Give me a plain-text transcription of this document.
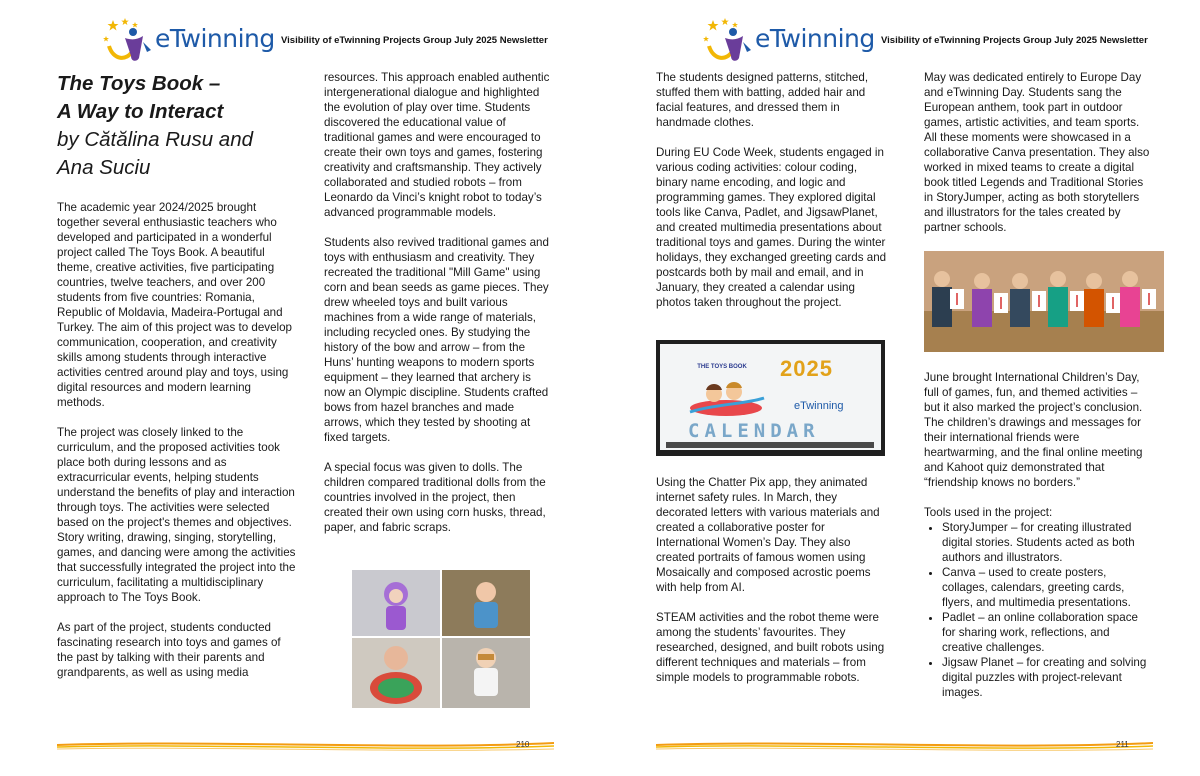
eTwinning Visibility of eTwinning Projects Group July 2025 Newsletter

The Toys Book –

A Way to Interact

by Cătălina Rusu and

Ana Suciu

The academic year 2024/2025 brought together several enthusiastic teachers who developed and participated in a wonderful project called The Toys Book. A beautiful theme, creative activities, five participating countries, twelve teachers, and over 200 students from five countries: Romania, Republic of Moldavia, Madeira-Portugal and Turkey. The aim of this project was to develop communication, cooperation, and creativity skills among students through interactive activities centred around play and toys, using digital resources and modern learning methods.

The project was closely linked to the curriculum, and the proposed activities took place both during lessons and as extracurricular events, helping students understand the benefits of play and interaction through toys. The activities were selected based on the project's themes and objectives. Story writing, drawing, singing, storytelling, games, and dancing were among the activities that successfully integrated the project into the curriculum, facilitating a multidisciplinary approach to The Toys Book.

As part of the project, students conducted fascinating research into toys and games of the past by talking with their parents and grandparents, as well as using media

resources. This approach enabled authentic intergenerational dialogue and highlighted the evolution of play over time. Students discovered the educational value of traditional games and were encouraged to create their own toys and games, fostering creativity and craftsmanship. They actively collaborated and studied robots – from Leonardo da Vinci’s knight robot to today’s advanced programmable models.

Students also revived traditional games and toys with enthusiasm and creativity. They recreated the traditional "Mill Game" using corn and bean seeds as game pieces. They drew wheeled toys and built various machines from a wide range of materials, including recycled ones. By studying the history of the bow and arrow – from the Huns’ hunting weapons to modern sports equipment – they learned that archery is now an Olympic discipline. Students crafted bows from hazel branches and made arrows, which they tested by shooting at fixed targets.

A special focus was given to dolls. The children compared traditional dolls from the countries involved in the project, then created their own using corn husks, thread, paper, and fabric scraps.

210
eTwinning Visibility of eTwinning Projects Group July 2025 Newsletter

The students designed patterns, stitched, stuffed them with batting, added hair and facial features, and dressed them in handmade clothes.

During EU Code Week, students engaged in various coding activities: colour coding, binary name encoding, and logic and programming games. They explored digital tools like Canva, Padlet, and JigsawPlanet, and created multimedia presentations about traditional toys and games. During the winter holidays, they exchanged greeting cards and postcards both by mail and email, and in January, they created a calendar using photos taken throughout the project.

THE TOYS BOOK 2025
eTwinning
CALENDAR

Using the Chatter Pix app, they animated internet safety rules. In March, they decorated letters with various materials and created a collaborative poster for International Women’s Day. They also created portraits of famous women using Mosaically and composed acrostic poems with help from AI.

STEAM activities and the robot theme were among the students’ favourites. They researched, designed, and built robots using different techniques and materials – from simple models to programmable robots.

May was dedicated entirely to Europe Day and eTwinning Day. Students sang the European anthem, took part in outdoor games, artistic activities, and team sports. All these moments were showcased in a collaborative Canva presentation. They also worked in mixed teams to create a digital book titled Legends and Traditional Stories in StoryJumper, acting as both storytellers and illustrators for the tales created by partner schools.

June brought International Children’s Day, full of games, fun, and themed activities – but it also marked the project’s conclusion. The children’s drawings and messages for their international friends were heartwarming, and the final online meeting and Kahoot quiz demonstrated that “friendship knows no borders.”

Tools used in the project:

• StoryJumper – for creating illustrated digital stories. Students acted as both authors and illustrators.
• Canva – used to create posters, collages, calendars, greeting cards, flyers, and multimedia presentations.
• Padlet – an online collaboration space for sharing work, reflections, and creative challenges.
• Jigsaw Planet – for creating and solving digital puzzles with project-relevant images.
211
